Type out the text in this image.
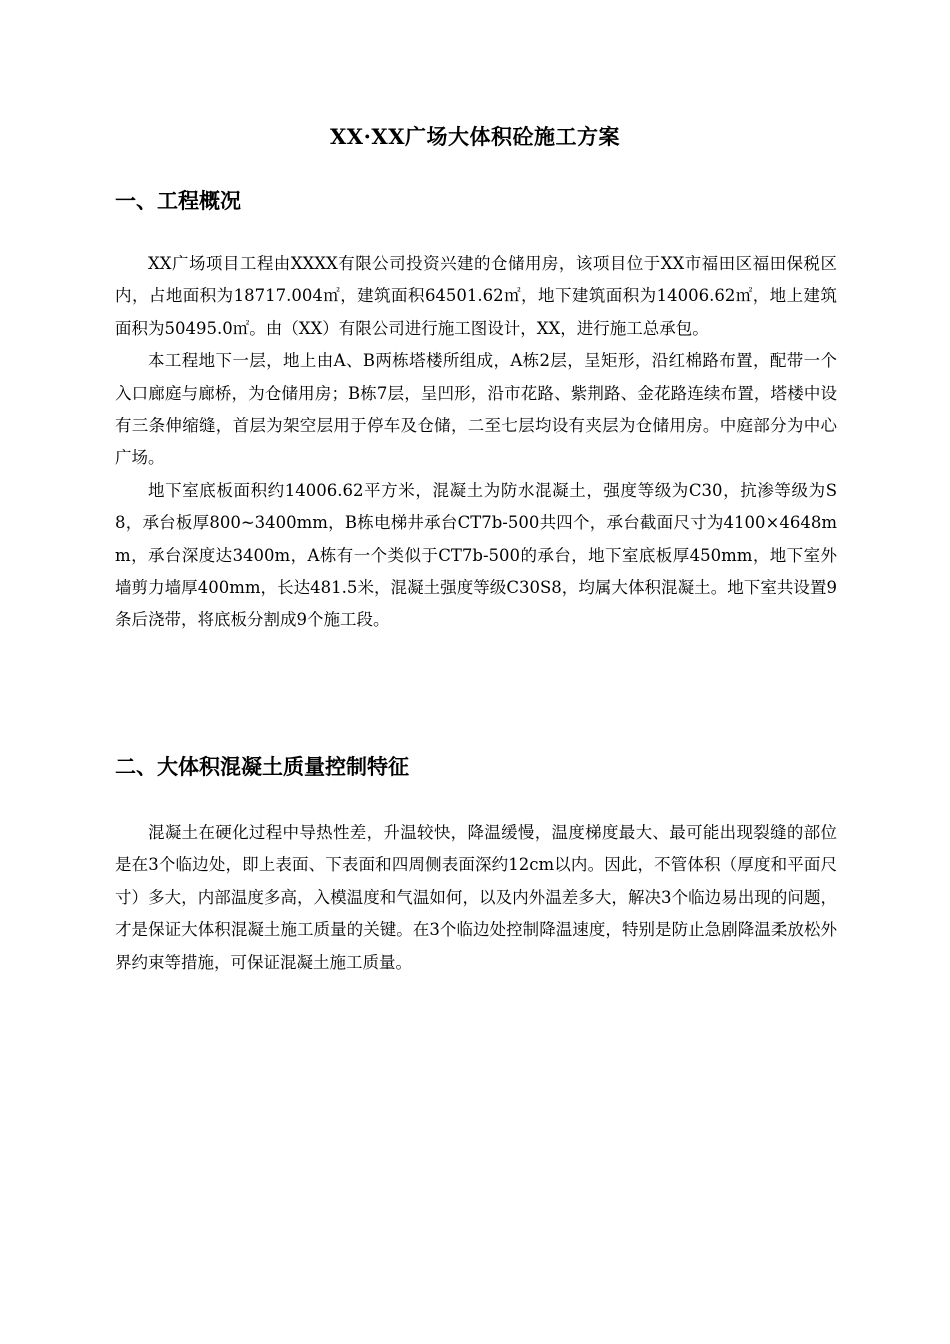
XX·XX广场大体积砼施工方案
一、工程概况

XX广场项目工程由XXXX有限公司投资兴建的仓储用房，该项目位于XX市福田区福田保税区内，占地面积为18717.004㎡，建筑面积64501.62㎡，地下建筑面积为14006.62㎡，地上建筑面积为50495.0㎡。由（XX）有限公司进行施工图设计，XX，进行施工总承包。

本工程地下一层，地上由A、B两栋塔楼所组成，A栋2层，呈矩形，沿红棉路布置，配带一个入口廊庭与廊桥，为仓储用房；B栋7层，呈凹形，沿市花路、紫荆路、金花路连续布置，塔楼中设有三条伸缩缝，首层为架空层用于停车及仓储，二至七层均设有夹层为仓储用房。中庭部分为中心广场。

地下室底板面积约14006.62平方米，混凝土为防水混凝土，强度等级为C30，抗渗等级为S8，承台板厚800~3400mm，B栋电梯井承台CT7b-500共四个，承台截面尺寸为4100×4648mm，承台深度达3400m，A栋有一个类似于CT7b-500的承台，地下室底板厚450mm，地下室外墙剪力墙厚400mm，长达481.5米，混凝土强度等级C30S8，均属大体积混凝土。地下室共设置9条后浇带，将底板分割成9个施工段。

二、大体积混凝土质量控制特征

混凝土在硬化过程中导热性差，升温较快，降温缓慢，温度梯度最大、最可能出现裂缝的部位是在3个临边处，即上表面、下表面和四周侧表面深约12cm以内。因此，不管体积（厚度和平面尺寸）多大，内部温度多高，入模温度和气温如何，以及内外温差多大，解决3个临边易出现的问题，才是保证大体积混凝土施工质量的关键。在3个临边处控制降温速度，特别是防止急剧降温柔放松外界约束等措施，可保证混凝土施工质量。
